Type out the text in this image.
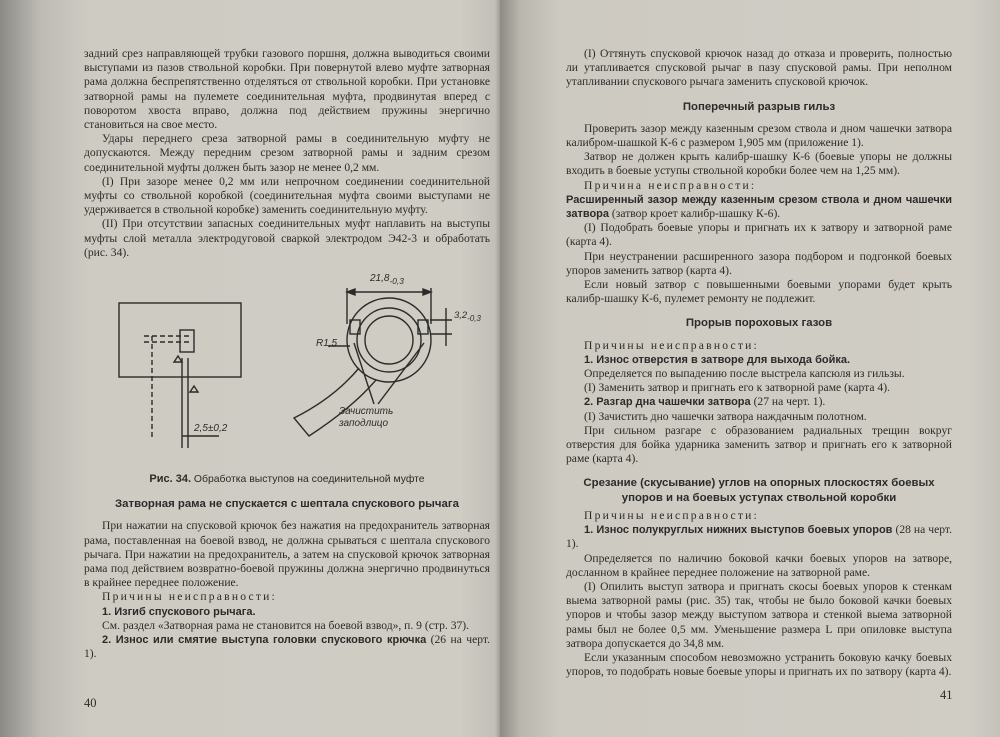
задний срез направляющей трубки газового поршня, должна выводиться своими выступами из пазов ствольной коробки. При повернутой влево муфте затворная рама должна беспрепятственно отделяться от ствольной коробки. При установке затворной рамы на пулемете соединительная муфта, продвинутая вперед с поворотом хвоста вправо, должна под действием пружины энергично становиться на свое место.

Удары переднего среза затворной рамы в соединительную муфту не допускаются. Между передним срезом затворной рамы и задним срезом соединительной муфты должен быть зазор не менее 0,2 мм.

(I) При зазоре менее 0,2 мм или непрочном соединении соединительной муфты со ствольной коробкой (соединительная муфта своими выступами не удерживается в ствольной коробке) заменить соединительную муфту.

(II) При отсутствии запасных соединительных муфт наплавить на выступы муфты слой металла электродуговой сваркой электродом Э42-3 и обработать (рис. 34).

$21,8_{-0,3}$
$3,2_{-0,3}$
R1,5
2,5±0,2
Зачистить
заподлицо

Рис. 34. Обработка выступов на соединительной муфте

Затворная рама не спускается с шептала спускового рычага

При нажатии на спусковой крючок без нажатия на предохранитель затворная рама, поставленная на боевой взвод, не должна срываться с шептала спускового рычага. При нажатии на предохранитель, а затем на спусковой крючок затворная рама под действием возвратно-боевой пружины должна энергично продвинуться в крайнее переднее положение.

Причины неисправности:

1. Изгиб спускового рычага.

См. раздел «Затворная рама не становится на боевой взвод», п. 9 (стр. 37).

2. Износ или смятие выступа головки спускового крючка (26 на черт. 1).

40

(I) Оттянуть спусковой крючок назад до отказа и проверить, полностью ли утапливается спусковой рычаг в пазу спусковой рамы. При неполном утапливании спускового рычага заменить спусковой крючок.

Поперечный разрыв гильз

Проверить зазор между казенным срезом ствола и дном чашечки затвора калибром-шашкой К-6 с размером 1,905 мм (приложение 1).

Затвор не должен крыть калибр-шашку К-6 (боевые упоры не должны входить в боевые уступы ствольной коробки более чем на 1,25 мм).

Причина неисправности:

Расширенный зазор между казенным срезом ствола и дном чашечки затвора (затвор кроет калибр-шашку К-6).

(I) Подобрать боевые упоры и пригнать их к затвору и затворной раме (карта 4).

При неустранении расширенного зазора подбором и подгонкой боевых упоров заменить затвор (карта 4).

Если новый затвор с повышенными боевыми упорами будет крыть калибр-шашку К-6, пулемет ремонту не подлежит.

Прорыв пороховых газов

Причины неисправности:

1. Износ отверстия в затворе для выхода бойка.

Определяется по выпадению после выстрела капсюля из гильзы.

(I) Заменить затвор и пригнать его к затворной раме (карта 4).

2. Разгар дна чашечки затвора (27 на черт. 1).

(I) Зачистить дно чашечки затвора наждачным полотном.

При сильном разгаре с образованием радиальных трещин вокруг отверстия для бойка ударника заменить затвор и пригнать его к затворной раме (карта 4).

Срезание (скусывание) углов на опорных плоскостях боевых
упоров и на боевых уступах ствольной коробки

Причины неисправности:

1. Износ полукруглых нижних выступов боевых упоров (28 на черт. 1).

Определяется по наличию боковой качки боевых упоров на затворе, досланном в крайнее переднее положение на затворной раме.

(I) Опилить выступ затвора и пригнать скосы боевых упоров к стенкам выема затворной рамы (рис. 35) так, чтобы не было боковой качки боевых упоров и чтобы зазор между выступом затвора и стенкой выема затворной рамы был не более 0,5 мм. Уменьшение размера L при опиловке выступа затвора допускается до 34,8 мм.

Если указанным способом невозможно устранить боковую качку боевых упоров, то подобрать новые боевые упоры и пригнать их по затвору (карта 4).

41
